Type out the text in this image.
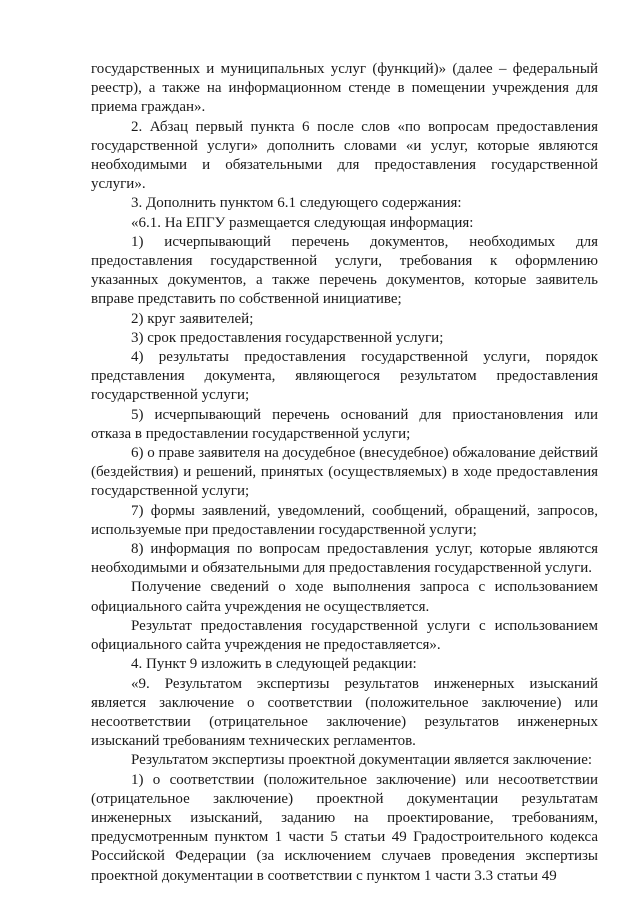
государственных и муниципальных услуг (функций)» (далее – федеральный реестр), а также на информационном стенде в помещении учреждения для приема граждан».

2. Абзац первый пункта 6 после слов «по вопросам предоставления государственной услуги» дополнить словами «и услуг, которые являются необходимыми и обязательными для предоставления государственной услуги».

3. Дополнить пунктом 6.1 следующего содержания:

«6.1. На ЕПГУ размещается следующая информация:

1) исчерпывающий перечень документов, необходимых для предоставления государственной услуги, требования к оформлению указанных документов, а также перечень документов, которые заявитель вправе представить по собственной инициативе;

2) круг заявителей;

3) срок предоставления государственной услуги;

4) результаты предоставления государственной услуги, порядок представления документа, являющегося результатом предоставления государственной услуги;

5) исчерпывающий перечень оснований для приостановления или отказа в предоставлении государственной услуги;

6) о праве заявителя на досудебное (внесудебное) обжалование действий (бездействия) и решений, принятых (осуществляемых) в ходе предоставления государственной услуги;

7) формы заявлений, уведомлений, сообщений, обращений, запросов, используемые при предоставлении государственной услуги;

8) информация по вопросам предоставления услуг, которые являются необходимыми и обязательными для предоставления государственной услуги.

Получение сведений о ходе выполнения запроса с использованием официального сайта учреждения не осуществляется.

Результат предоставления государственной услуги с использованием официального сайта учреждения не предоставляется».

4. Пункт 9 изложить в следующей редакции:

«9. Результатом экспертизы результатов инженерных изысканий является заключение о соответствии (положительное заключение) или несоответствии (отрицательное заключение) результатов инженерных изысканий требованиям технических регламентов.

Результатом экспертизы проектной документации является заключение:

1) о соответствии (положительное заключение) или несоответствии (отрицательное заключение) проектной документации результатам инженерных изысканий, заданию на проектирование, требованиям, предусмотренным пунктом 1 части 5 статьи 49 Градостроительного кодекса Российской Федерации (за исключением случаев проведения экспертизы проектной документации в соответствии с пунктом 1 части 3.3 статьи 49
